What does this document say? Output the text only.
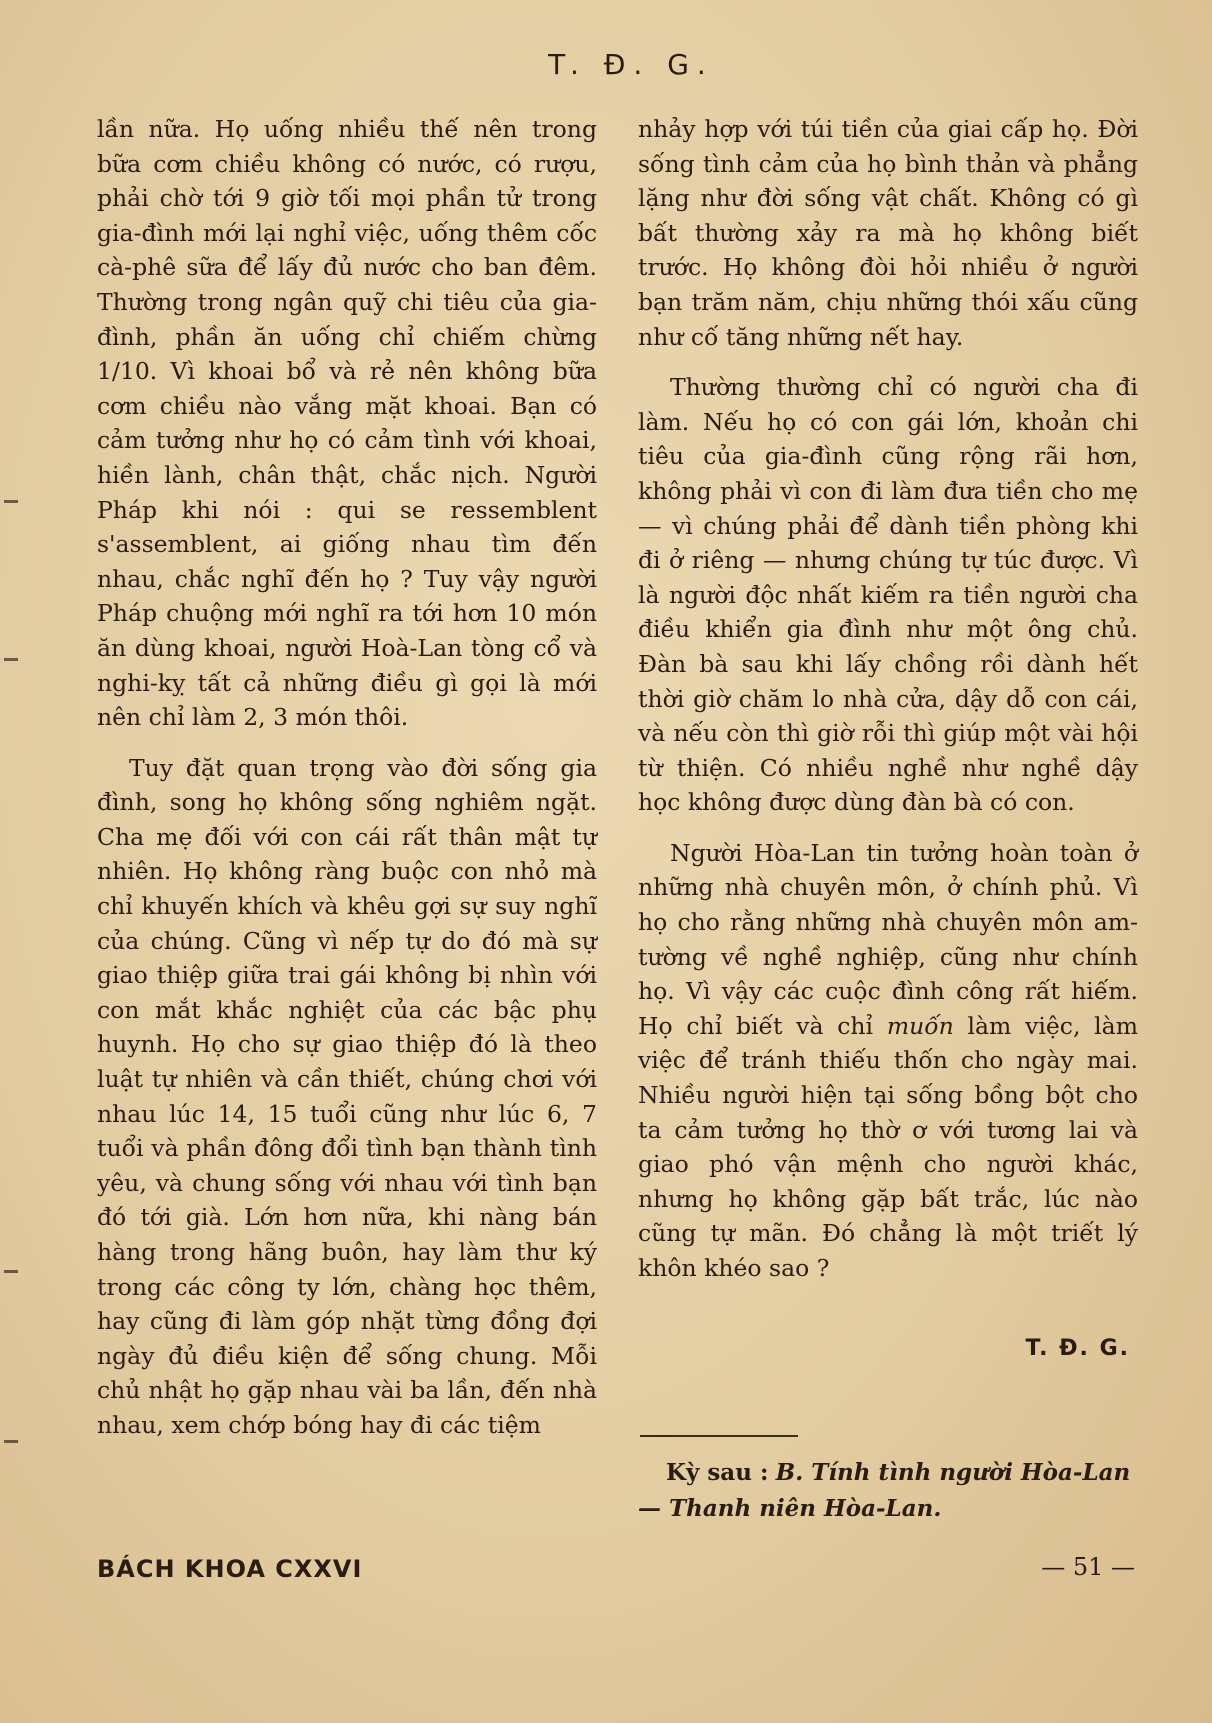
T. Đ. G.

lần nữa. Họ uống nhiều thế nên trong bữa cơm chiều không có nước, có rượu, phải chờ tới 9 giờ tối mọi phần tử trong gia-đình mới lại nghỉ việc, uống thêm cốc cà-phê sữa để lấy đủ nước cho ban đêm. Thường trong ngân quỹ chi tiêu của gia-đình, phần ăn uống chỉ chiếm chừng 1/10. Vì khoai bổ và rẻ nên không bữa cơm chiều nào vắng mặt khoai. Bạn có cảm tưởng như họ có cảm tình với khoai, hiền lành, chân thật, chắc nịch. Người Pháp khi nói : qui se ressemblent s'assemblent, ai giống nhau tìm đến nhau, chắc nghĩ đến họ ? Tuy vậy người Pháp chuộng mới nghĩ ra tới hơn 10 món ăn dùng khoai, người Hoà-Lan tòng cổ và nghi-kỵ tất cả những điều gì gọi là mới nên chỉ làm 2, 3 món thôi.

Tuy đặt quan trọng vào đời sống gia đình, song họ không sống nghiêm ngặt. Cha mẹ đối với con cái rất thân mật tự nhiên. Họ không ràng buộc con nhỏ mà chỉ khuyến khích và khêu gợi sự suy nghĩ của chúng. Cũng vì nếp tự do đó mà sự giao thiệp giữa trai gái không bị nhìn với con mắt khắc nghiệt của các bậc phụ huynh. Họ cho sự giao thiệp đó là theo luật tự nhiên và cần thiết, chúng chơi với nhau lúc 14, 15 tuổi cũng như lúc 6, 7 tuổi và phần đông đổi tình bạn thành tình yêu, và chung sống với nhau với tình bạn đó tới già. Lớn hơn nữa, khi nàng bán hàng trong hãng buôn, hay làm thư ký trong các công ty lớn, chàng học thêm, hay cũng đi làm góp nhặt từng đồng đợi ngày đủ điều kiện để sống chung. Mỗi chủ nhật họ gặp nhau vài ba lần, đến nhà nhau, xem chớp bóng hay đi các tiệm

nhảy hợp với túi tiền của giai cấp họ. Đời sống tình cảm của họ bình thản và phẳng lặng như đời sống vật chất. Không có gì bất thường xảy ra mà họ không biết trước. Họ không đòi hỏi nhiều ở người bạn trăm năm, chịu những thói xấu cũng như cố tăng những nết hay.

Thường thường chỉ có người cha đi làm. Nếu họ có con gái lớn, khoản chi tiêu của gia-đình cũng rộng rãi hơn, không phải vì con đi làm đưa tiền cho mẹ — vì chúng phải để dành tiền phòng khi đi ở riêng — nhưng chúng tự túc được. Vì là người độc nhất kiếm ra tiền người cha điều khiển gia đình như một ông chủ. Đàn bà sau khi lấy chồng rồi dành hết thời giờ chăm lo nhà cửa, dậy dỗ con cái, và nếu còn thì giờ rỗi thì giúp một vài hội từ thiện. Có nhiều nghề như nghề dậy học không được dùng đàn bà có con.

Người Hòa-Lan tin tưởng hoàn toàn ở những nhà chuyên môn, ở chính phủ. Vì họ cho rằng những nhà chuyên môn am-tường về nghề nghiệp, cũng như chính họ. Vì vậy các cuộc đình công rất hiếm. Họ chỉ biết và chỉ muốn làm việc, làm việc để tránh thiếu thốn cho ngày mai. Nhiều người hiện tại sống bồng bột cho ta cảm tưởng họ thờ ơ với tương lai và giao phó vận mệnh cho người khác, nhưng họ không gặp bất trắc, lúc nào cũng tự mãn. Đó chẳng là một triết lý khôn khéo sao ?

T. Đ. G.
Kỳ sau : B. Tính tình người Hòa-Lan — Thanh niên Hòa-Lan.
BÁCH KHOA CXXVI	— 51 —
